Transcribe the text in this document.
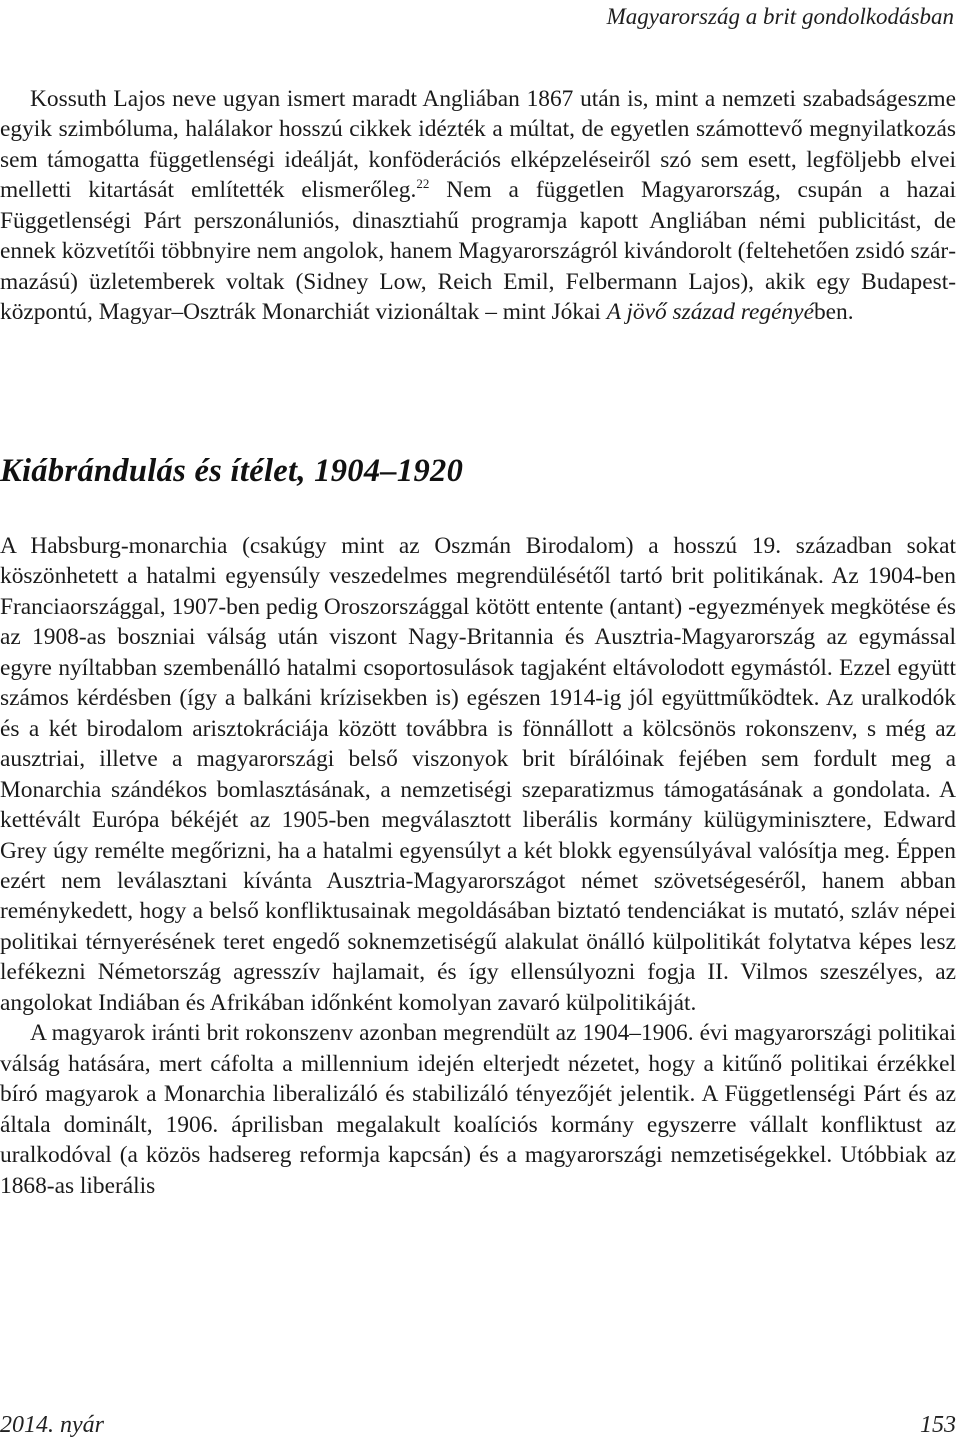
Magyarország a brit gondolkodásban

Kossuth Lajos neve ugyan ismert maradt Angliában 1867 után is, mint a nemzeti szabadságeszme egyik szimbóluma, halálakor hosszú cikkek idézték a múltat, de egyetlen számottevő megnyilatkozás sem támogatta függetlenségi ideálját, konföderációs elképzeléseiről szó sem esett, legföljebb elvei melletti kitartását említették elismerőleg.$^{22}$ Nem a független Magyarország, csupán a hazai Függetlenségi Párt perszonáluniós, dinasztiahű programja kapott Angliában némi publicitást, de ennek közvetítői többnyire nem angolok, hanem Magyarországról kivándorolt (feltehetően zsidó származású) üzletemberek voltak (Sidney Low, Reich Emil, Felbermann Lajos), akik egy Budapest-központú, Magyar–Osztrák Monarchiát vizionáltak – mint Jókai A jövő század regényében.

Kiábrándulás és ítélet, 1904–1920

A Habsburg-monarchia (csakúgy mint az Oszmán Birodalom) a hosszú 19. században sokat köszönhetett a hatalmi egyensúly veszedelmes megrendülésétől tartó brit politikának. Az 1904-ben Franciaországgal, 1907-ben pedig Oroszországgal kötött entente (antant) -egyezmények megkötése és az 1908-as boszniai válság után viszont Nagy-Britannia és Ausztria-Magyarország az egymással egyre nyíltabban szembenálló hatalmi csoportosulások tagjaként eltávolodott egymástól. Ezzel együtt számos kérdésben (így a balkáni krízisekben is) egészen 1914-ig jól együttműködtek. Az uralkodók és a két birodalom arisztokráciája között továbbra is fönnállott a kölcsönös rokonszenv, s még az ausztriai, illetve a magyarországi belső viszonyok brit bírálóinak fejében sem fordult meg a Monarchia szándékos bomlasztásának, a nemzetiségi szeparatizmus támogatásának a gondolata. A kettévált Európa békéjét az 1905-ben megválasztott liberális kormány külügyminisztere, Edward Grey úgy remélte megőrizni, ha a hatalmi egyensúlyt a két blokk egyensúlyával valósítja meg. Éppen ezért nem leválasztani kívánta Ausztria-Magyarországot német szövetségeséről, hanem abban reménykedett, hogy a belső konfliktusainak megoldásában biztató tendenciákat is mutató, szláv népei politikai térnyerésének teret engedő soknemzetiségű alakulat önálló külpolitikát folytatva képes lesz lefékezni Németország agresszív hajlamait, és így ellensúlyozni fogja II. Vilmos szeszélyes, az angolokat Indiában és Afrikában időnként komolyan zavaró külpolitikáját.

A magyarok iránti brit rokonszenv azonban megrendült az 1904–1906. évi magyarországi politikai válság hatására, mert cáfolta a millennium idején elterjedt nézetet, hogy a kitűnő politikai érzékkel bíró magyarok a Monarchia liberalizáló és stabilizáló tényezőjét jelentik. A Függetlenségi Párt és az általa dominált, 1906. áprilisban megalakult koalíciós kormány egyszerre vállalt konfliktust az uralkodóval (a közös hadsereg reformja kapcsán) és a magyarországi nemzetiségekkel. Utóbbiak az 1868-as liberális

2014. nyár	153
